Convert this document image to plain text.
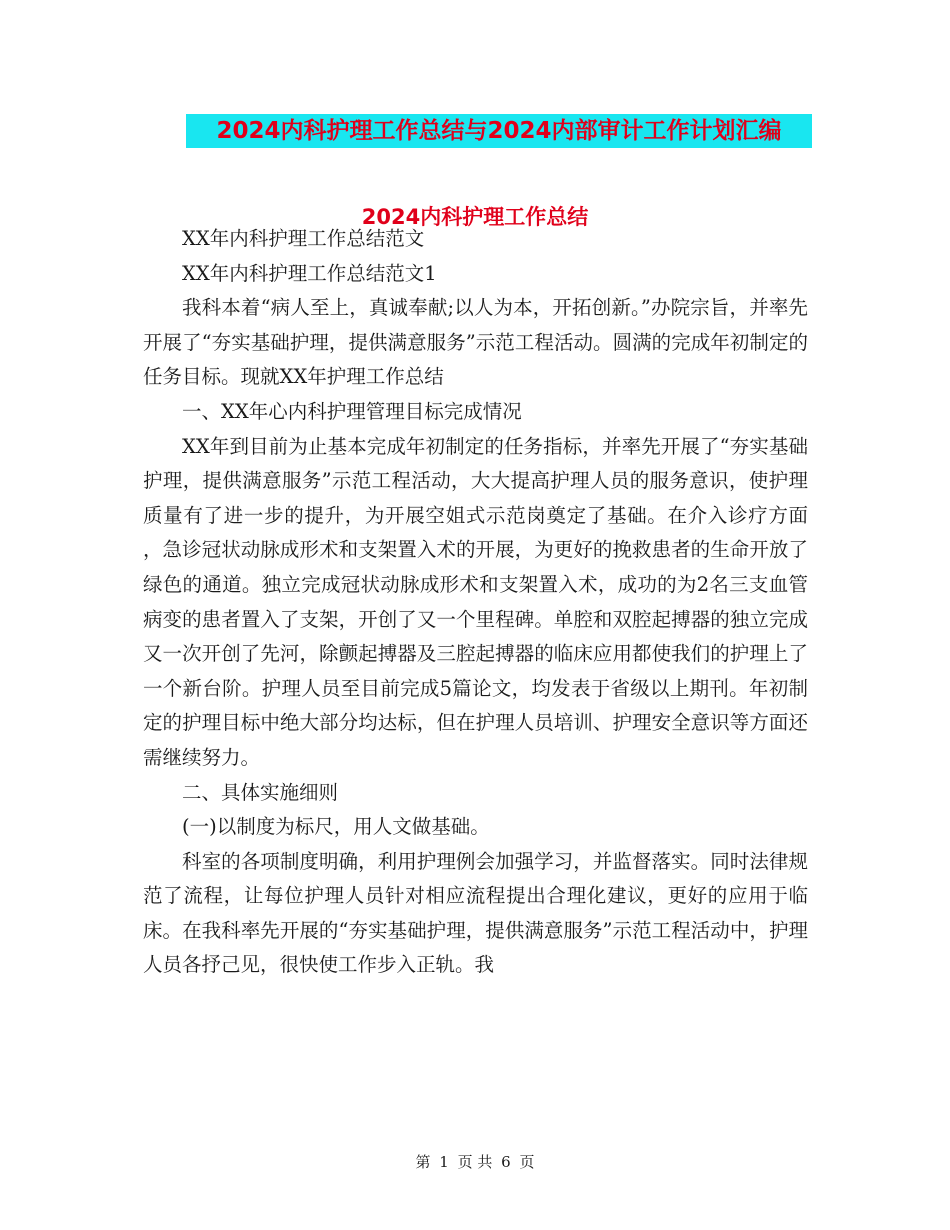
2024内科护理工作总结与2024内部审计工作计划汇编
2024内科护理工作总结

XX年内科护理工作总结范文

XX年内科护理工作总结范文1

我科本着“病人至上，真诚奉献;以人为本，开拓创新。”办院宗旨，并率先开展了“夯实基础护理，提供满意服务”示范工程活动。圆满的完成年初制定的任务目标。现就XX年护理工作总结

一、XX年心内科护理管理目标完成情况

XX年到目前为止基本完成年初制定的任务指标，并率先开展了“夯实基础护理，提供满意服务”示范工程活动，大大提高护理人员的服务意识，使护理质量有了进一步的提升，为开展空姐式示范岗奠定了基础。在介入诊疗方面 ，急诊冠状动脉成形术和支架置入术的开展，为更好的挽救患者的生命开放了绿色的通道。独立完成冠状动脉成形术和支架置入术，成功的为2名三支血管病变的患者置入了支架，开创了又一个里程碑。单腔和双腔起搏器的独立完成又一次开创了先河，除颤起搏器及三腔起搏器的临床应用都使我们的护理上了一个新台阶。护理人员至目前完成5篇论文，均发表于省级以上期刊。年初制定的护理目标中绝大部分均达标，但在护理人员培训、护理安全意识等方面还需继续努力。

二、具体实施细则

(一)以制度为标尺，用人文做基础。

科室的各项制度明确，利用护理例会加强学习，并监督落实。同时法律规范了流程，让每位护理人员针对相应流程提出合理化建议，更好的应用于临床。在我科率先开展的“夯实基础护理，提供满意服务”示范工程活动中，护理人员各抒己见，很快使工作步入正轨。我

第 1 页 共 6 页
